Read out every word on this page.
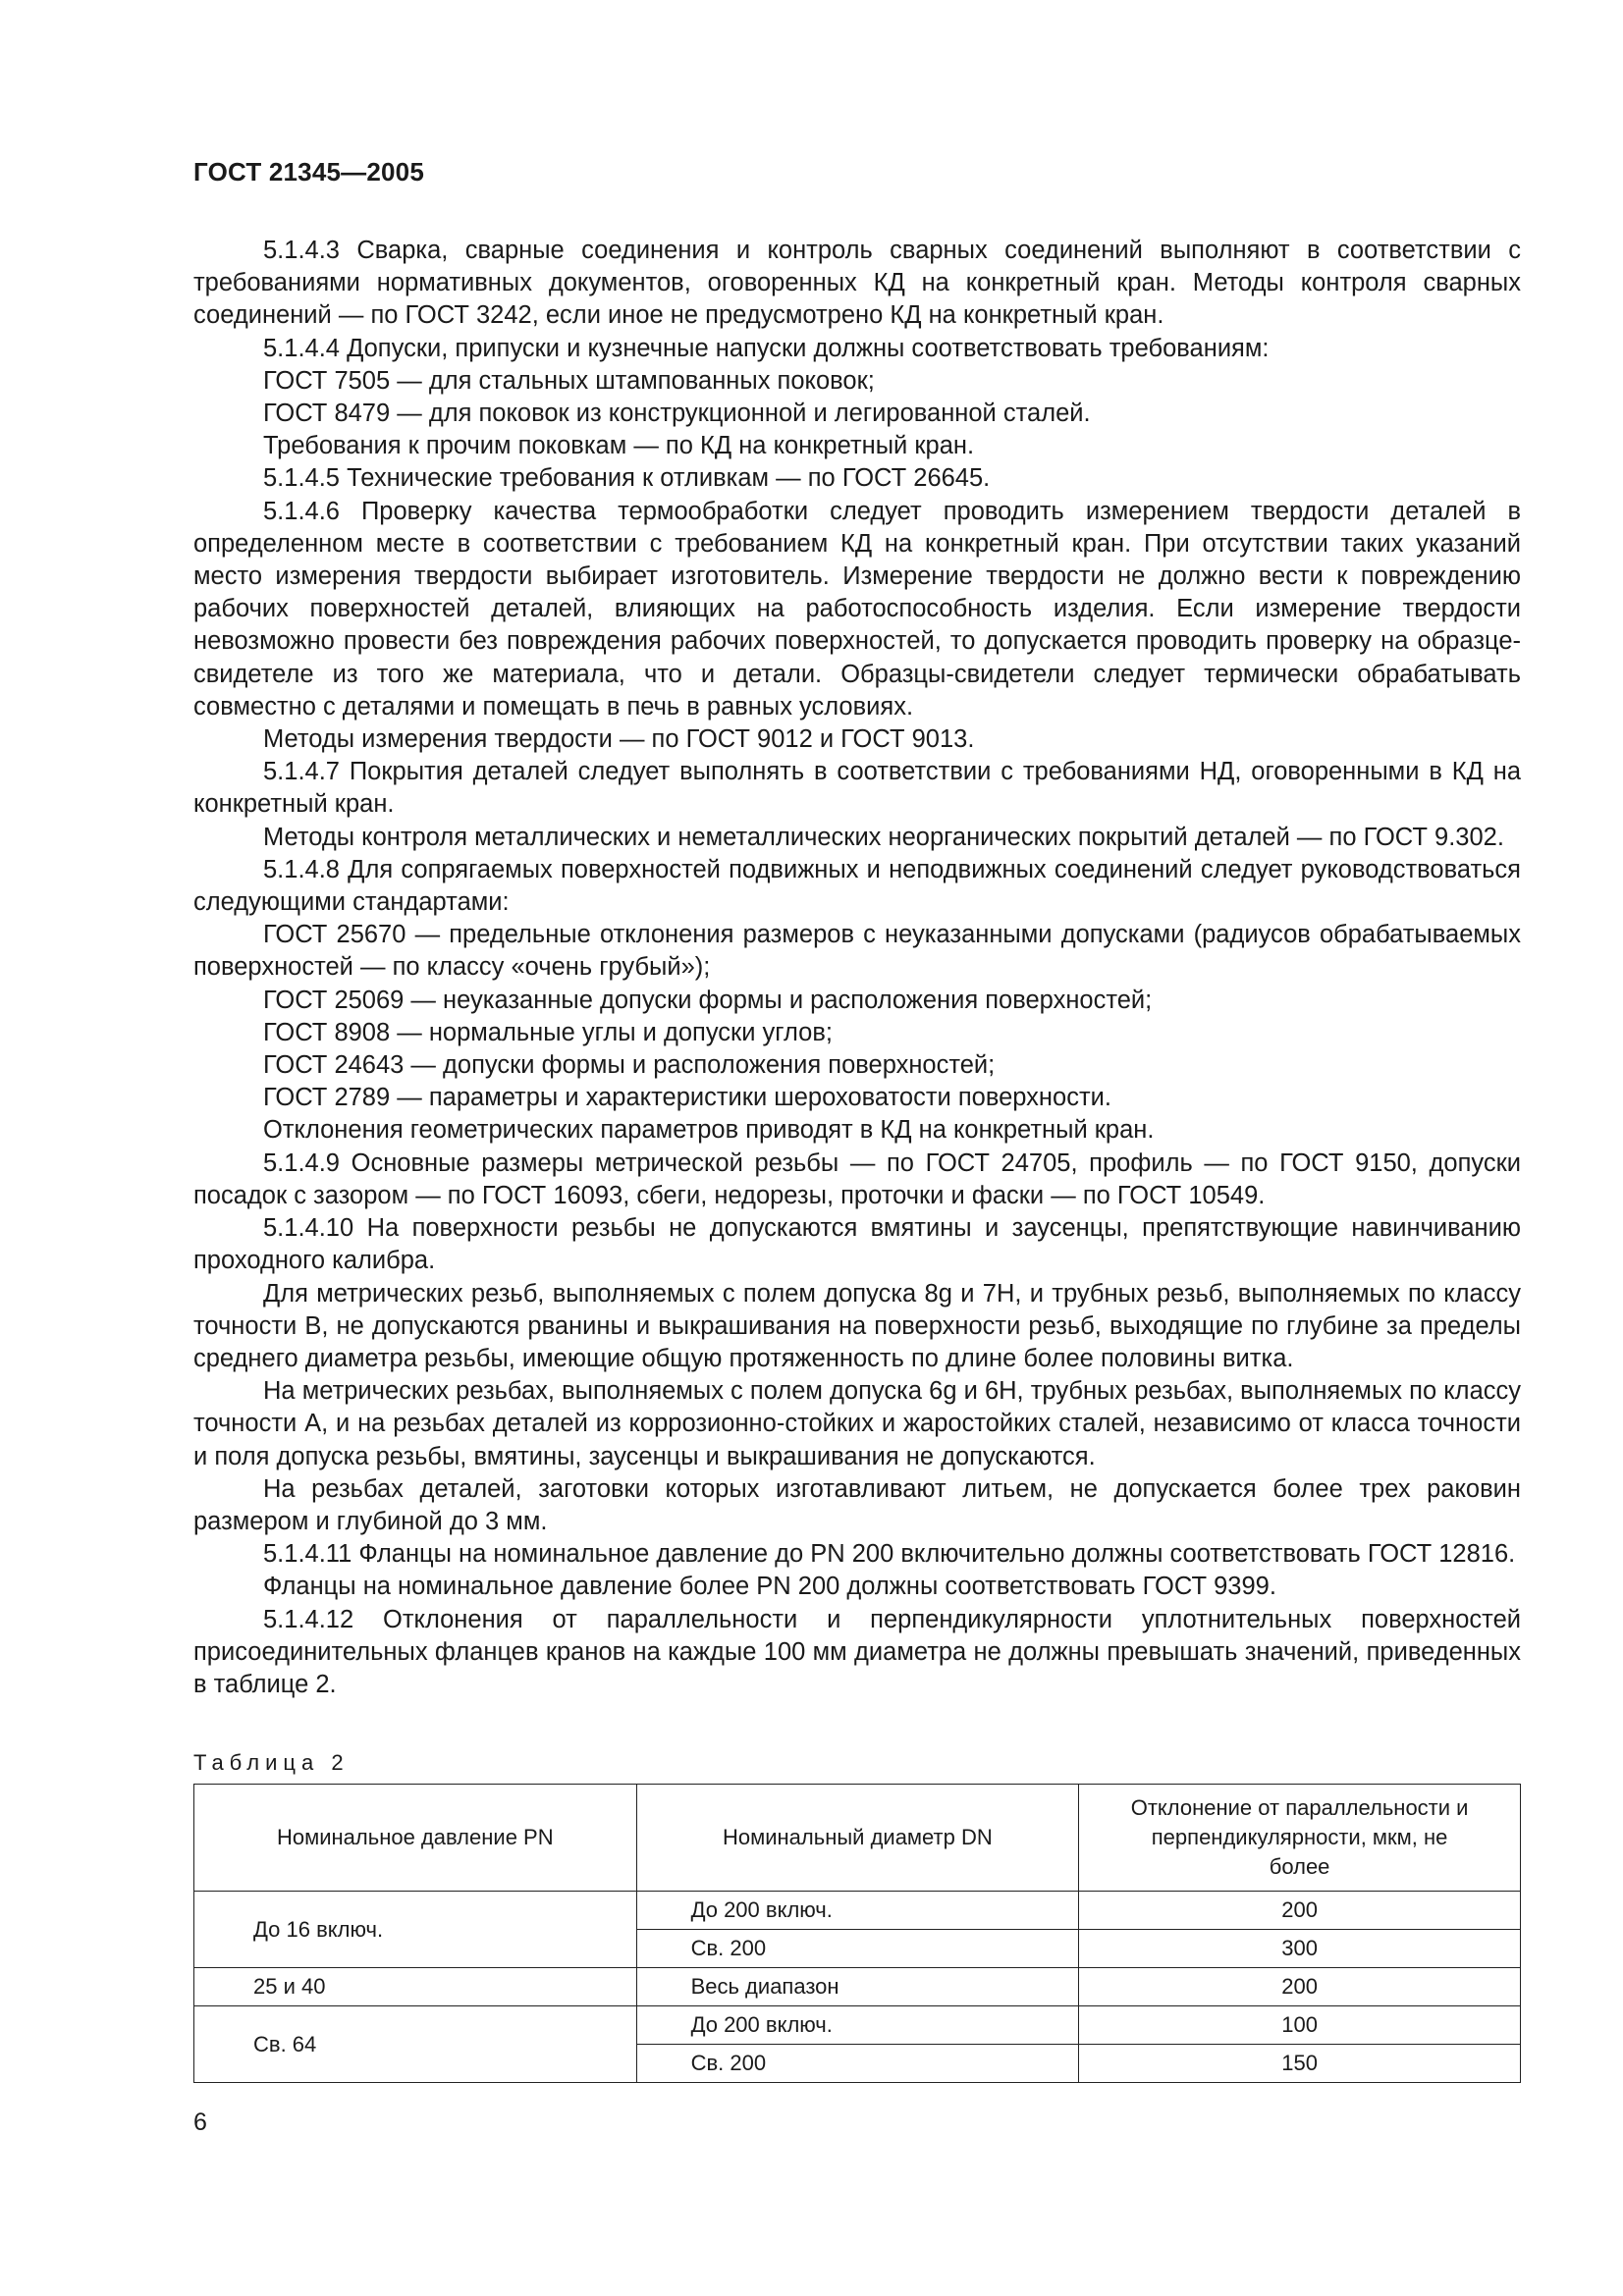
ГОСТ 21345—2005

5.1.4.3 Сварка, сварные соединения и контроль сварных соединений выполняют в соответствии с требованиями нормативных документов, оговоренных КД на конкретный кран. Методы контроля сварных соединений — по ГОСТ 3242, если иное не предусмотрено КД на конкретный кран.

5.1.4.4 Допуски, припуски и кузнечные напуски должны соответствовать требованиям:

ГОСТ 7505 — для стальных штампованных поковок;

ГОСТ 8479 — для поковок из конструкционной и легированной сталей.

Требования к прочим поковкам — по КД на конкретный кран.

5.1.4.5 Технические требования к отливкам — по ГОСТ 26645.

5.1.4.6 Проверку качества термообработки следует проводить измерением твердости деталей в определенном месте в соответствии с требованием КД на конкретный кран. При отсутствии таких указаний место измерения твердости выбирает изготовитель. Измерение твердости не должно вести к повреждению рабочих поверхностей деталей, влияющих на работоспособность изделия. Если измерение твердости невозможно провести без повреждения рабочих поверхностей, то допускается проводить проверку на образце-свидетеле из того же материала, что и детали. Образцы-свидетели следует термически обрабатывать совместно с деталями и помещать в печь в равных условиях.

Методы измерения твердости — по ГОСТ 9012 и ГОСТ 9013.

5.1.4.7 Покрытия деталей следует выполнять в соответствии с требованиями НД, оговоренными в КД на конкретный кран.

Методы контроля металлических и неметаллических неорганических покрытий деталей — по ГОСТ 9.302.

5.1.4.8 Для сопрягаемых поверхностей подвижных и неподвижных соединений следует руководствоваться следующими стандартами:

ГОСТ 25670 — предельные отклонения размеров с неуказанными допусками (радиусов обрабатываемых поверхностей — по классу «очень грубый»);

ГОСТ 25069 — неуказанные допуски формы и расположения поверхностей;

ГОСТ 8908 — нормальные углы и допуски углов;

ГОСТ 24643 — допуски формы и расположения поверхностей;

ГОСТ 2789 — параметры и характеристики шероховатости поверхности.

Отклонения геометрических параметров приводят в КД на конкретный кран.

5.1.4.9 Основные размеры метрической резьбы — по ГОСТ 24705, профиль — по ГОСТ 9150, допуски посадок с зазором — по ГОСТ 16093, сбеги, недорезы, проточки и фаски — по ГОСТ 10549.

5.1.4.10 На поверхности резьбы не допускаются вмятины и заусенцы, препятствующие навинчиванию проходного калибра.

Для метрических резьб, выполняемых с полем допуска 8g и 7Н, и трубных резьб, выполняемых по классу точности В, не допускаются рванины и выкрашивания на поверхности резьб, выходящие по глубине за пределы среднего диаметра резьбы, имеющие общую протяженность по длине более половины витка.

На метрических резьбах, выполняемых с полем допуска 6g и 6Н, трубных резьбах, выполняемых по классу точности А, и на резьбах деталей из коррозионно-стойких и жаростойких сталей, независимо от класса точности и поля допуска резьбы, вмятины, заусенцы и выкрашивания не допускаются.

На резьбах деталей, заготовки которых изготавливают литьем, не допускается более трех раковин размером и глубиной до 3 мм.

5.1.4.11 Фланцы на номинальное давление до PN 200 включительно должны соответствовать ГОСТ 12816.

Фланцы на номинальное давление более PN 200 должны соответствовать ГОСТ 9399.

5.1.4.12 Отклонения от параллельности и перпендикулярности уплотнительных поверхностей присоединительных фланцев кранов на каждые 100 мм диаметра не должны превышать значений, приведенных в таблице 2.

Таблица 2
Номинальное давление PN	Номинальный диаметр DN	Отклонение от параллельности и перпендикулярности, мкм, не более
До 16 включ.	До 200 включ.	200
	Св. 200	300
25 и 40	Весь диапазон	200
Св. 64	До 200 включ.	100
	Св. 200	150
6
